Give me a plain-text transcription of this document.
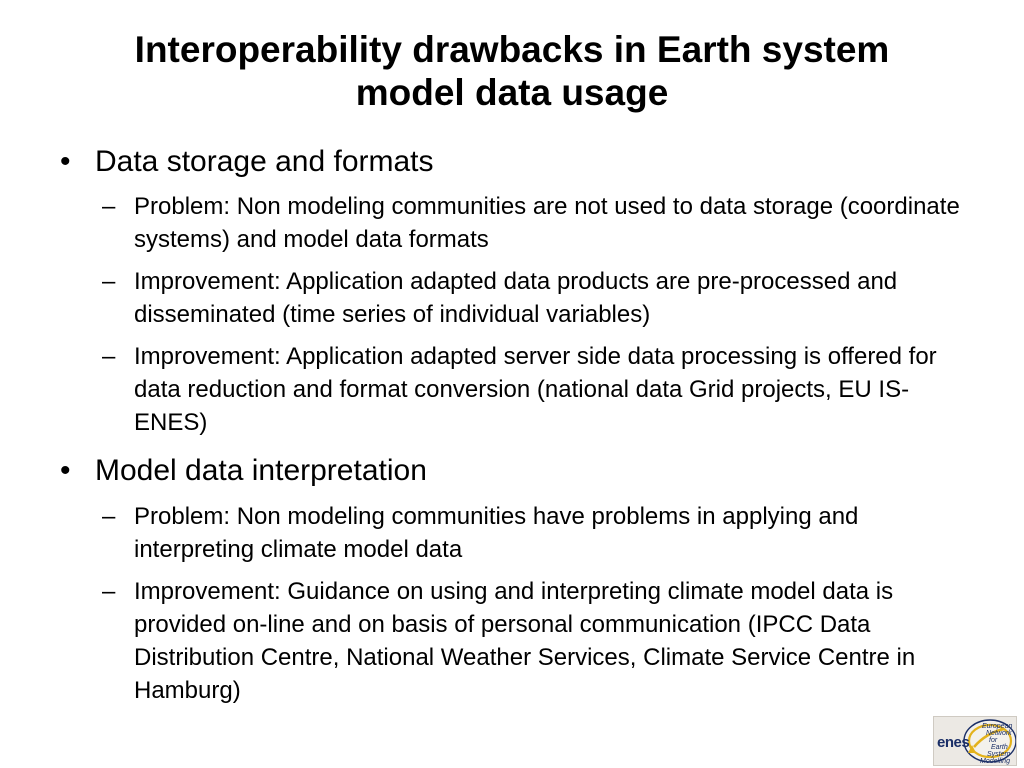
Interoperability drawbacks in Earth system
model data usage
• Data storage and formats
– Problem: Non modeling communities are not used to data storage (coordinate systems) and model data formats
– Improvement: Application adapted data products are pre-processed and disseminated (time series of individual variables)
– Improvement: Application adapted server side data processing is offered for data reduction and format conversion (national data Grid projects, EU IS-ENES)
• Model data interpretation
– Problem: Non modeling communities have problems in applying and interpreting climate model data
– Improvement: Guidance on using and interpreting climate model data is provided on-line and on basis of personal communication (IPCC Data Distribution Centre, National Weather Services, Climate Service Centre in Hamburg)
enes
European
Network
for
Earth
System
Modelling
